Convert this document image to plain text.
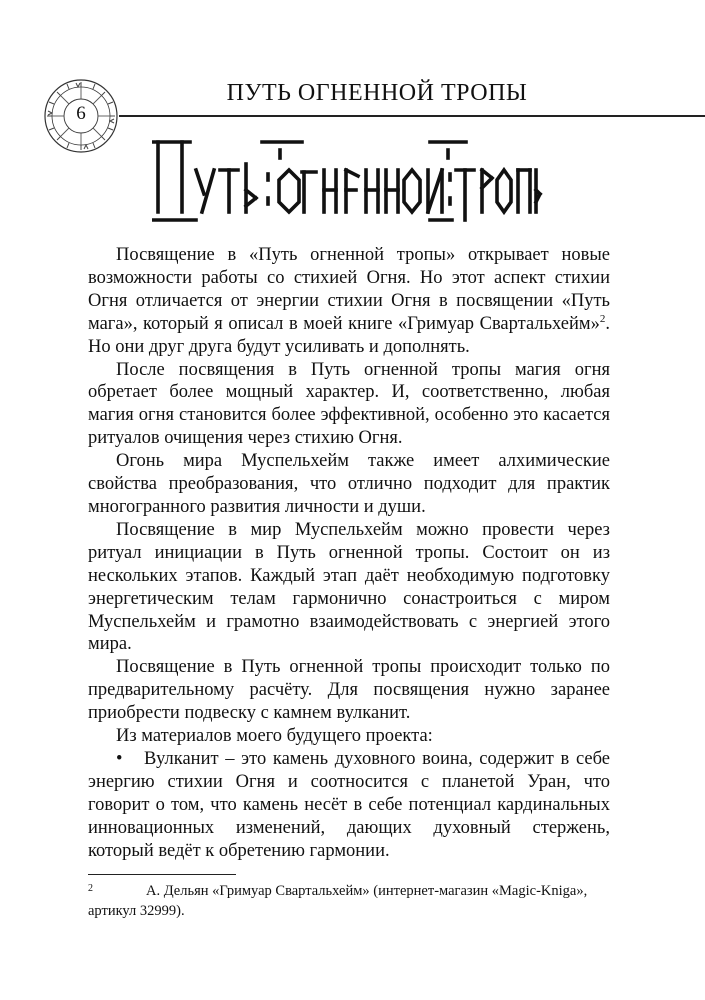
6
ПУТЬ ОГНЕННОЙ ТРОПЫ

Посвящение в «Путь огненной тропы» открывает новые возможности работы со стихией Огня. Но этот аспект стихии Огня отличается от энергии стихии Огня в посвящении «Путь мага», который я описал в моей книге «Гримуар Свартальхейм»$^2$. Но они друг друга будут усиливать и дополнять.

После посвящения в Путь огненной тропы магия огня обретает более мощный характер. И, соответственно, любая магия огня становится более эффективной, особенно это касается ритуалов очищения через стихию Огня.

Огонь мира Муспельхейм также имеет алхимические свойства преобразования, что отлично подходит для практик многогранного развития личности и души.

Посвящение в мир Муспельхейм можно провести через ритуал инициации в Путь огненной тропы. Состоит он из нескольких этапов. Каждый этап даёт необходимую подготовку энергетическим телам гармонично сонастроиться с миром Муспельхейм и грамотно взаимодействовать с энергией этого мира.

Посвящение в Путь огненной тропы происходит только по предварительному расчёту. Для посвящения нужно заранее приобрести подвеску с камнем вулканит.

Из материалов моего будущего проекта:

• Вулканит – это камень духовного воина, содержит в себе энергию стихии Огня и соотносится с планетой Уран, что говорит о том, что камень несёт в себе потенциал кардинальных инновационных изменений, дающих духовный стержень, который ведёт к обретению гармонии.

2	А. Дельян «Гримуар Свартальхейм» (интернет-магазин «Magic-Kniga», артикул 32999).
